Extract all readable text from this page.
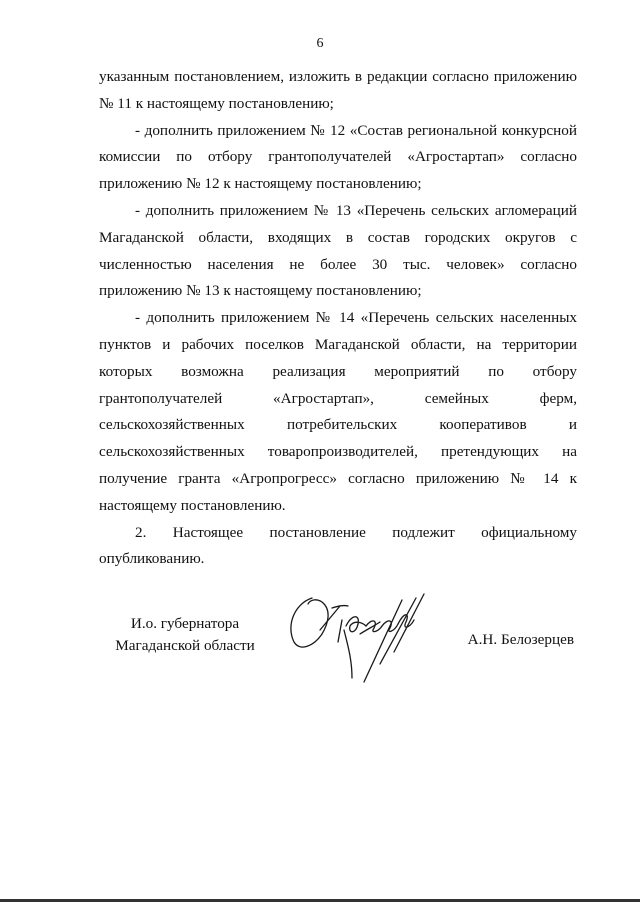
6

указанным постановлением, изложить в редакции согласно приложению № 11 к настоящему постановлению;

- дополнить приложением № 12 «Состав региональной конкурсной комиссии по отбору грантополучателей «Агростартап» согласно приложению № 12 к настоящему постановлению;

- дополнить приложением № 13 «Перечень сельских агломераций Магаданской области, входящих в состав городских округов с численностью населения не более 30 тыс. человек» согласно приложению № 13 к настоящему постановлению;

- дополнить приложением № 14 «Перечень сельских населенных пунктов и рабочих поселков Магаданской области, на территории которых возможна реализация мероприятий по отбору грантополучателей «Агростартап», семейных ферм, сельскохозяйственных потребительских кооперативов и сельскохозяйственных товаропроизводителей, претендующих на получение гранта «Агропрогресс» согласно приложению № 14 к настоящему постановлению.

2. Настоящее постановление подлежит официальному опубликованию.

И.о. губернатора
Магаданской области	А.Н. Белозерцев
